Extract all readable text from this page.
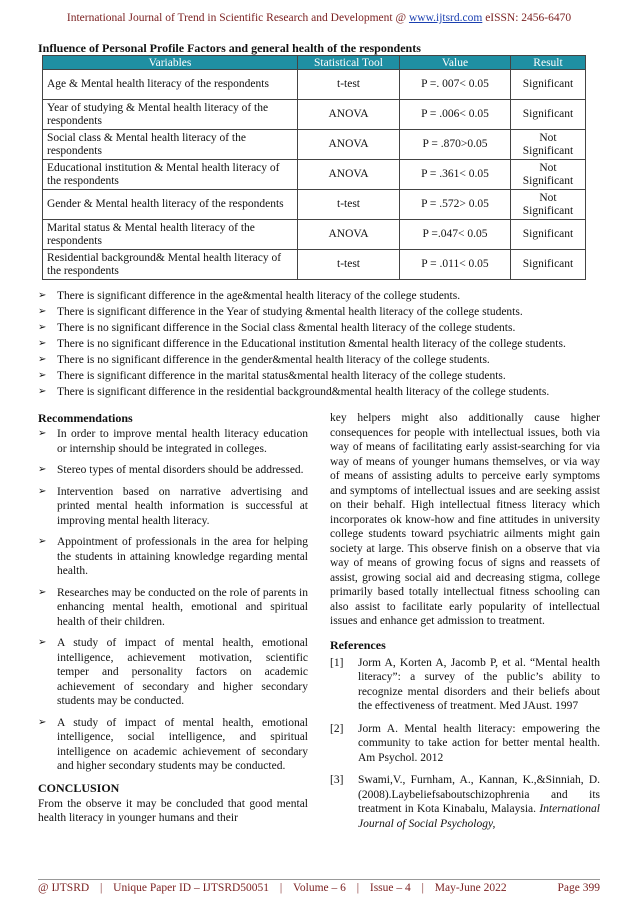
International Journal of Trend in Scientific Research and Development @ www.ijtsrd.com eISSN: 2456-6470
Influence of Personal Profile Factors and general health of the respondents
Variables	Statistical Tool	Value	Result
Age & Mental health literacy of the respondents	t-test	P =. 007< 0.05	Significant
Year of studying & Mental health literacy of the respondents	ANOVA	P = .006< 0.05	Significant
Social class & Mental health literacy of the respondents	ANOVA	P = .870>0.05	Not Significant
Educational institution & Mental health literacy of the respondents	ANOVA	P = .361< 0.05	Not Significant
Gender & Mental health literacy of the respondents	t-test	P = .572> 0.05	Not Significant
Marital status & Mental health literacy of the respondents	ANOVA	P =.047< 0.05	Significant
Residential background& Mental health literacy of the respondents	t-test	P = .011< 0.05	Significant
➢ There is significant difference in the age&mental health literacy of the college students.
➢ There is significant difference in the Year of studying &mental health literacy of the college students.
➢ There is no significant difference in the Social class &mental health literacy of the college students.
➢ There is no significant difference in the Educational institution &mental health literacy of the college students.
➢ There is no significant difference in the gender&mental health literacy of the college students.
➢ There is significant difference in the marital status&mental health literacy of the college students.
➢ There is significant difference in the residential background&mental health literacy of the college students.
Recommendations
➢ In order to improve mental health literacy education or internship should be integrated in colleges.
➢ Stereo types of mental disorders should be addressed.
➢ Intervention based on narrative advertising and printed mental health information is successful at improving mental health literacy.
➢ Appointment of professionals in the area for helping the students in attaining knowledge regarding mental health.
➢ Researches may be conducted on the role of parents in enhancing mental health, emotional and spiritual health of their children.
➢ A study of impact of mental health, emotional intelligence, achievement motivation, scientific temper and personality factors on academic achievement of secondary and higher secondary students may be conducted.
➢ A study of impact of mental health, emotional intelligence, social intelligence, and spiritual intelligence on academic achievement of secondary and higher secondary students may be conducted.
CONCLUSION
From the observe it may be concluded that good mental health literacy in younger humans and their
key helpers might also additionally cause higher consequences for people with intellectual issues, both via way of means of facilitating early assist-searching for via way of means of younger humans themselves, or via way of means of assisting adults to perceive early symptoms and symptoms of intellectual issues and are seeking assist on their behalf. High intellectual fitness literacy which incorporates ok know-how and fine attitudes in university college students toward psychiatric ailments might gain society at large. This observe finish on a observe that via way of means of growing focus of signs and reassets of assist, growing social aid and decreasing stigma, college primarily based totally intellectual fitness schooling can also assist to facilitate early popularity of intellectual issues and enhance get admission to treatment.
References
[1] Jorm A, Korten A, Jacomb P, et al. “Mental health literacy”: a survey of the public’s ability to recognize mental disorders and their beliefs about the effectiveness of treatment. Med JAust. 1997
[2] Jorm A. Mental health literacy: empowering the community to take action for better mental health. Am Psychol. 2012
[3] Swami,V., Furnham, A., Kannan, K.,&Sinniah, D.(2008).Laybeliefsaboutschizophrenia and its treatment in Kota Kinabalu, Malaysia. International Journal of Social Psychology,
@ IJTSRD | Unique Paper ID – IJTSRD50051 | Volume – 6 | Issue – 4 | May-June 2022	Page 399
